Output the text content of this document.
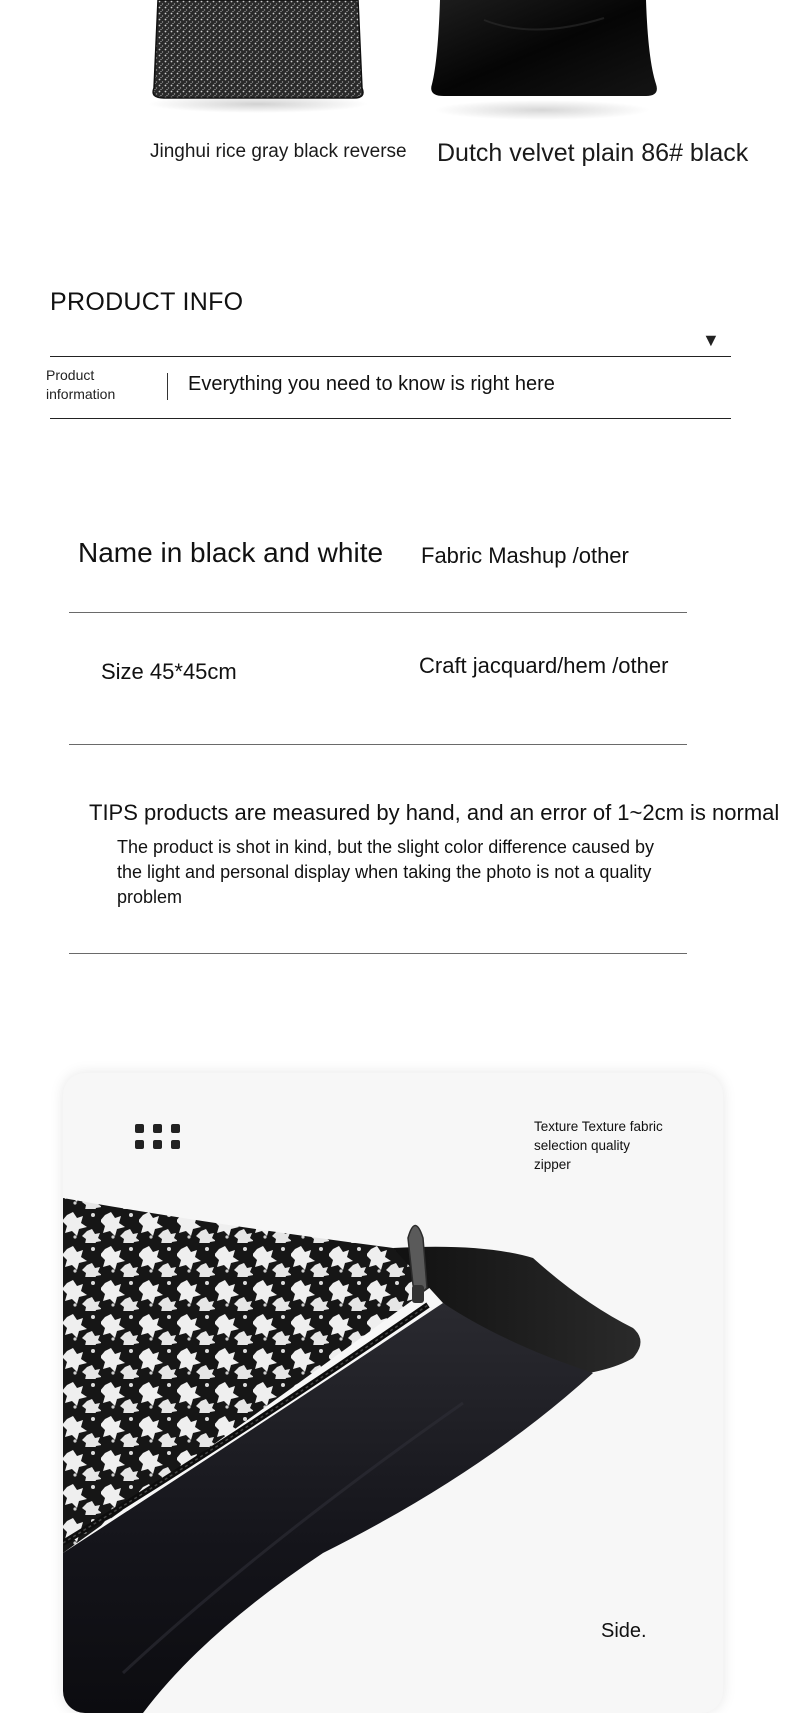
Jinghui rice gray black reverse Dutch velvet plain 86# black
PRODUCT INFO
▼
Product
information	Everything you need to know is right here
Name in black and white Fabric Mashup /other
Size 45*45cm	Craft jacquard/hem /other
TIPS products are measured by hand, and an error of 1~2cm is normal
The product is shot in kind, but the slight color difference caused by the light and personal display when taking the photo is not a quality problem
Texture Texture fabric
selection quality
zipper
Side.
